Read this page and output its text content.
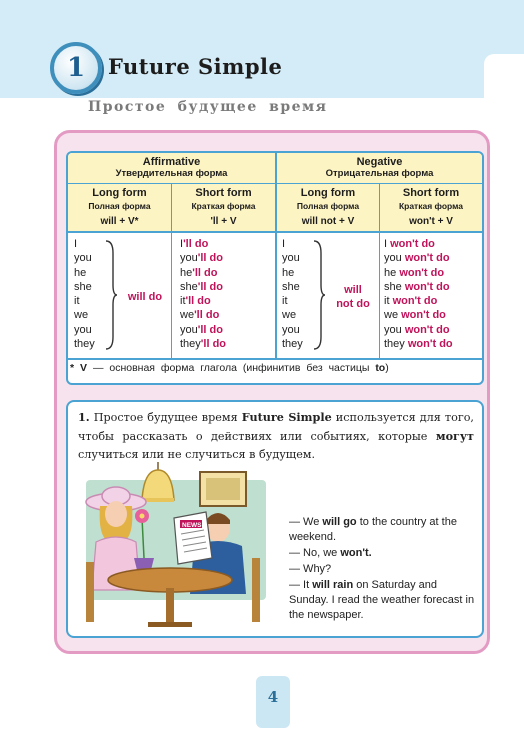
1	Future Simple
Простое будущее время
Affirmative
Утвердительная форма
Negative
Отрицательная форма
Long form
Полная форма
will + V*
Short form
Краткая форма
'll + V
Long form
Полная форма
will not + V
Short form
Краткая форма
won't + V
I
you
he
she
it
we
you
they
will do
I'll do
you'll do
he'll do
she'll do
it'll do
we'll do
you'll do
they'll do
I
you
he
she
it
we
you
they
will
not do
I won't do
you won't do
he won't do
she won't do
it won't do
we won't do
you won't do
they won't do
* V — основная форма глагола (инфинитив без частицы to)
1. Простое будущее время Future Simple используется для того, чтобы рассказать о действиях или событиях, которые могут случиться или не случиться в будущем.
NEWS	— We will go to the country at the weekend.
— No, we won't.
— Why?
— It will rain on Saturday and Sunday. I read the weather forecast in the newspaper.
4
